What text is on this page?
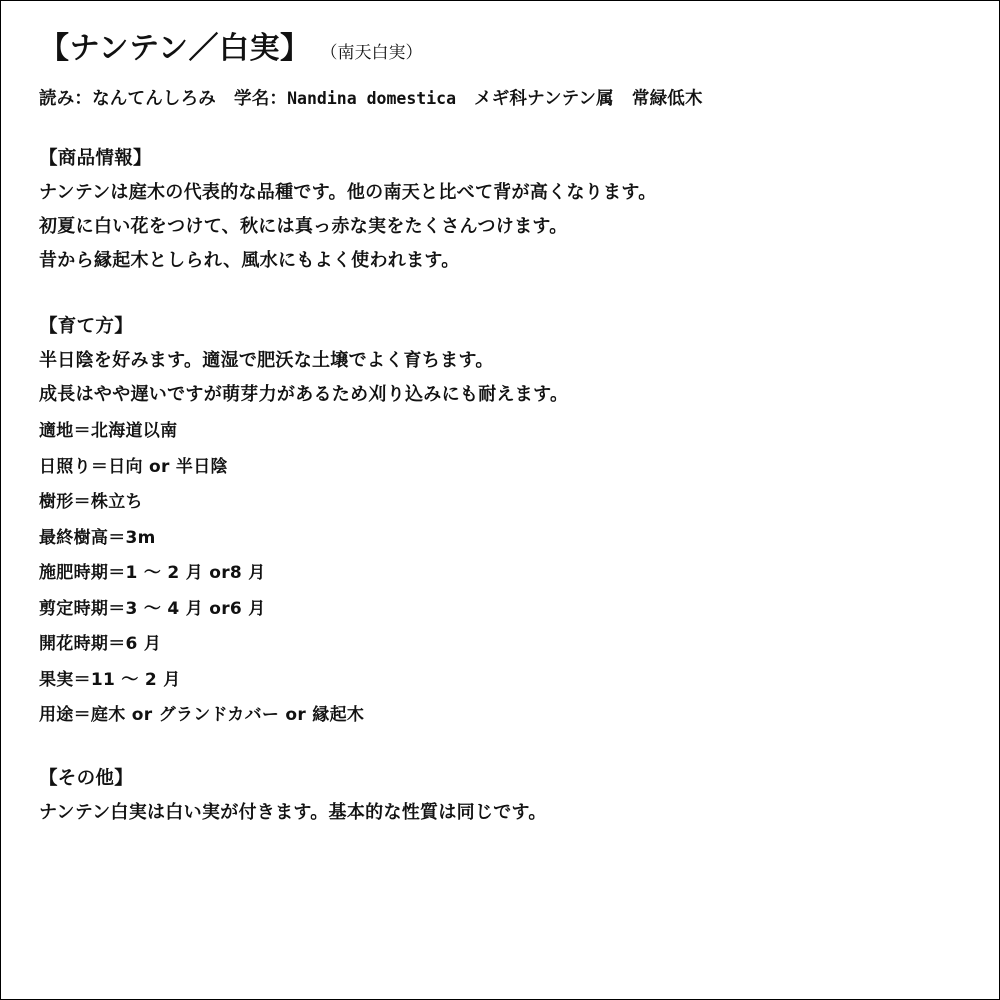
【ナンテン／白実】 （南天白実）
読み：なんてんしろみ 学名：Nandina domestica メギ科ナンテン属 常緑低木
【商品情報】
ナンテンは庭木の代表的な品種です。他の南天と比べて背が高くなります。
初夏に白い花をつけて、秋には真っ赤な実をたくさんつけます。
昔から縁起木としられ、風水にもよく使われます。
【育て方】
半日陰を好みます。適湿で肥沃な土壌でよく育ちます。
成長はやや遅いですが萌芽力があるため刈り込みにも耐えます。
適地＝北海道以南
日照り＝日向 or 半日陰
樹形＝株立ち
最終樹高＝3m
施肥時期＝1 〜 2 月 or8 月
剪定時期＝3 〜 4 月 or6 月
開花時期＝6 月
果実＝11 〜 2 月
用途＝庭木 or グランドカバー or 縁起木
【その他】
ナンテン白実は白い実が付きます。基本的な性質は同じです。
